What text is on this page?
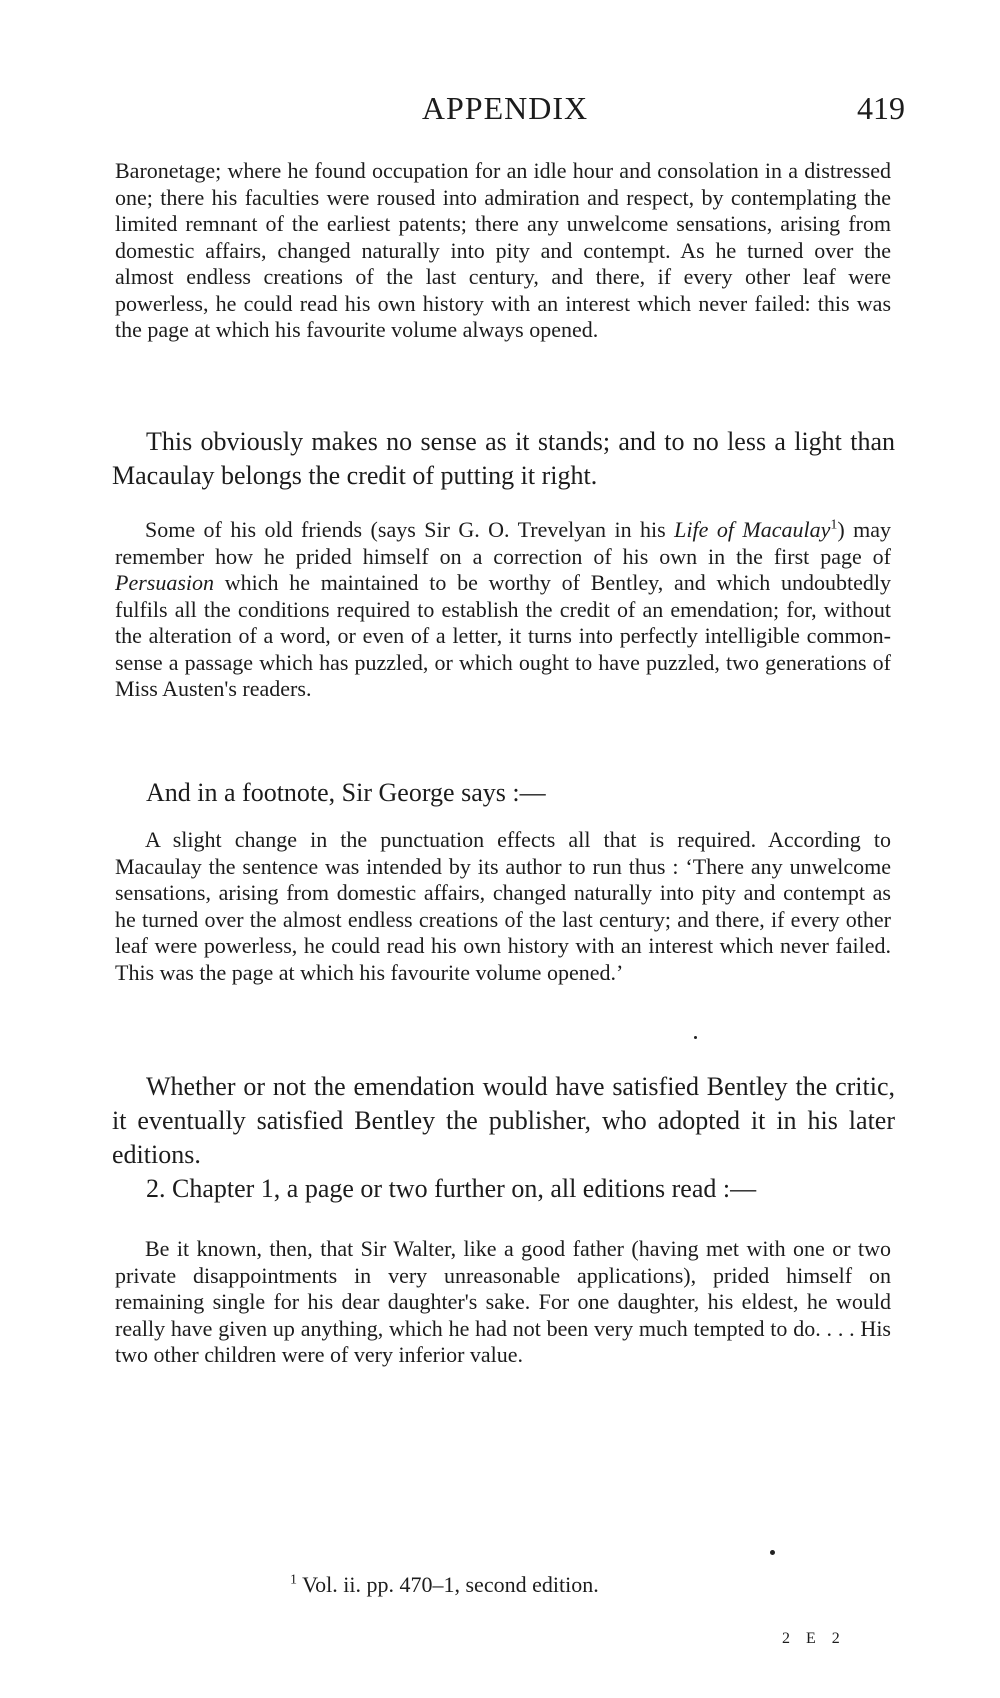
APPENDIX	419

Baronetage; where he found occupation for an idle hour and consolation in a distressed one; there his faculties were roused into admiration and respect, by contemplating the limited remnant of the earliest patents; there any unwelcome sensations, arising from domestic affairs, changed naturally into pity and contempt. As he turned over the almost endless creations of the last century, and there, if every other leaf were powerless, he could read his own history with an interest which never failed: this was the page at which his favourite volume always opened.

This obviously makes no sense as it stands; and to no less a light than Macaulay belongs the credit of putting it right.

Some of his old friends (says Sir G. O. Trevelyan in his Life of Macaulay$^1$) may remember how he prided himself on a correction of his own in the first page of Persuasion which he maintained to be worthy of Bentley, and which undoubtedly fulfils all the conditions required to establish the credit of an emendation; for, without the alteration of a word, or even of a letter, it turns into perfectly intelligible common-sense a passage which has puzzled, or which ought to have puzzled, two generations of Miss Austen's readers.

And in a footnote, Sir George says :—

A slight change in the punctuation effects all that is required. According to Macaulay the sentence was intended by its author to run thus : ‘There any unwelcome sensations, arising from domestic affairs, changed naturally into pity and contempt as he turned over the almost endless creations of the last century; and there, if every other leaf were powerless, he could read his own history with an interest which never failed. This was the page at which his favourite volume opened.’

Whether or not the emendation would have satisfied Bentley the critic, it eventually satisfied Bentley the publisher, who adopted it in his later editions.

2. Chapter 1, a page or two further on, all editions read :—

Be it known, then, that Sir Walter, like a good father (having met with one or two private disappointments in very unreasonable applications), prided himself on remaining single for his dear daughter's sake. For one daughter, his eldest, he would really have given up anything, which he had not been very much tempted to do. . . . His two other children were of very inferior value.

$^1$ Vol. ii. pp. 470–1, second edition.
2 E 2
